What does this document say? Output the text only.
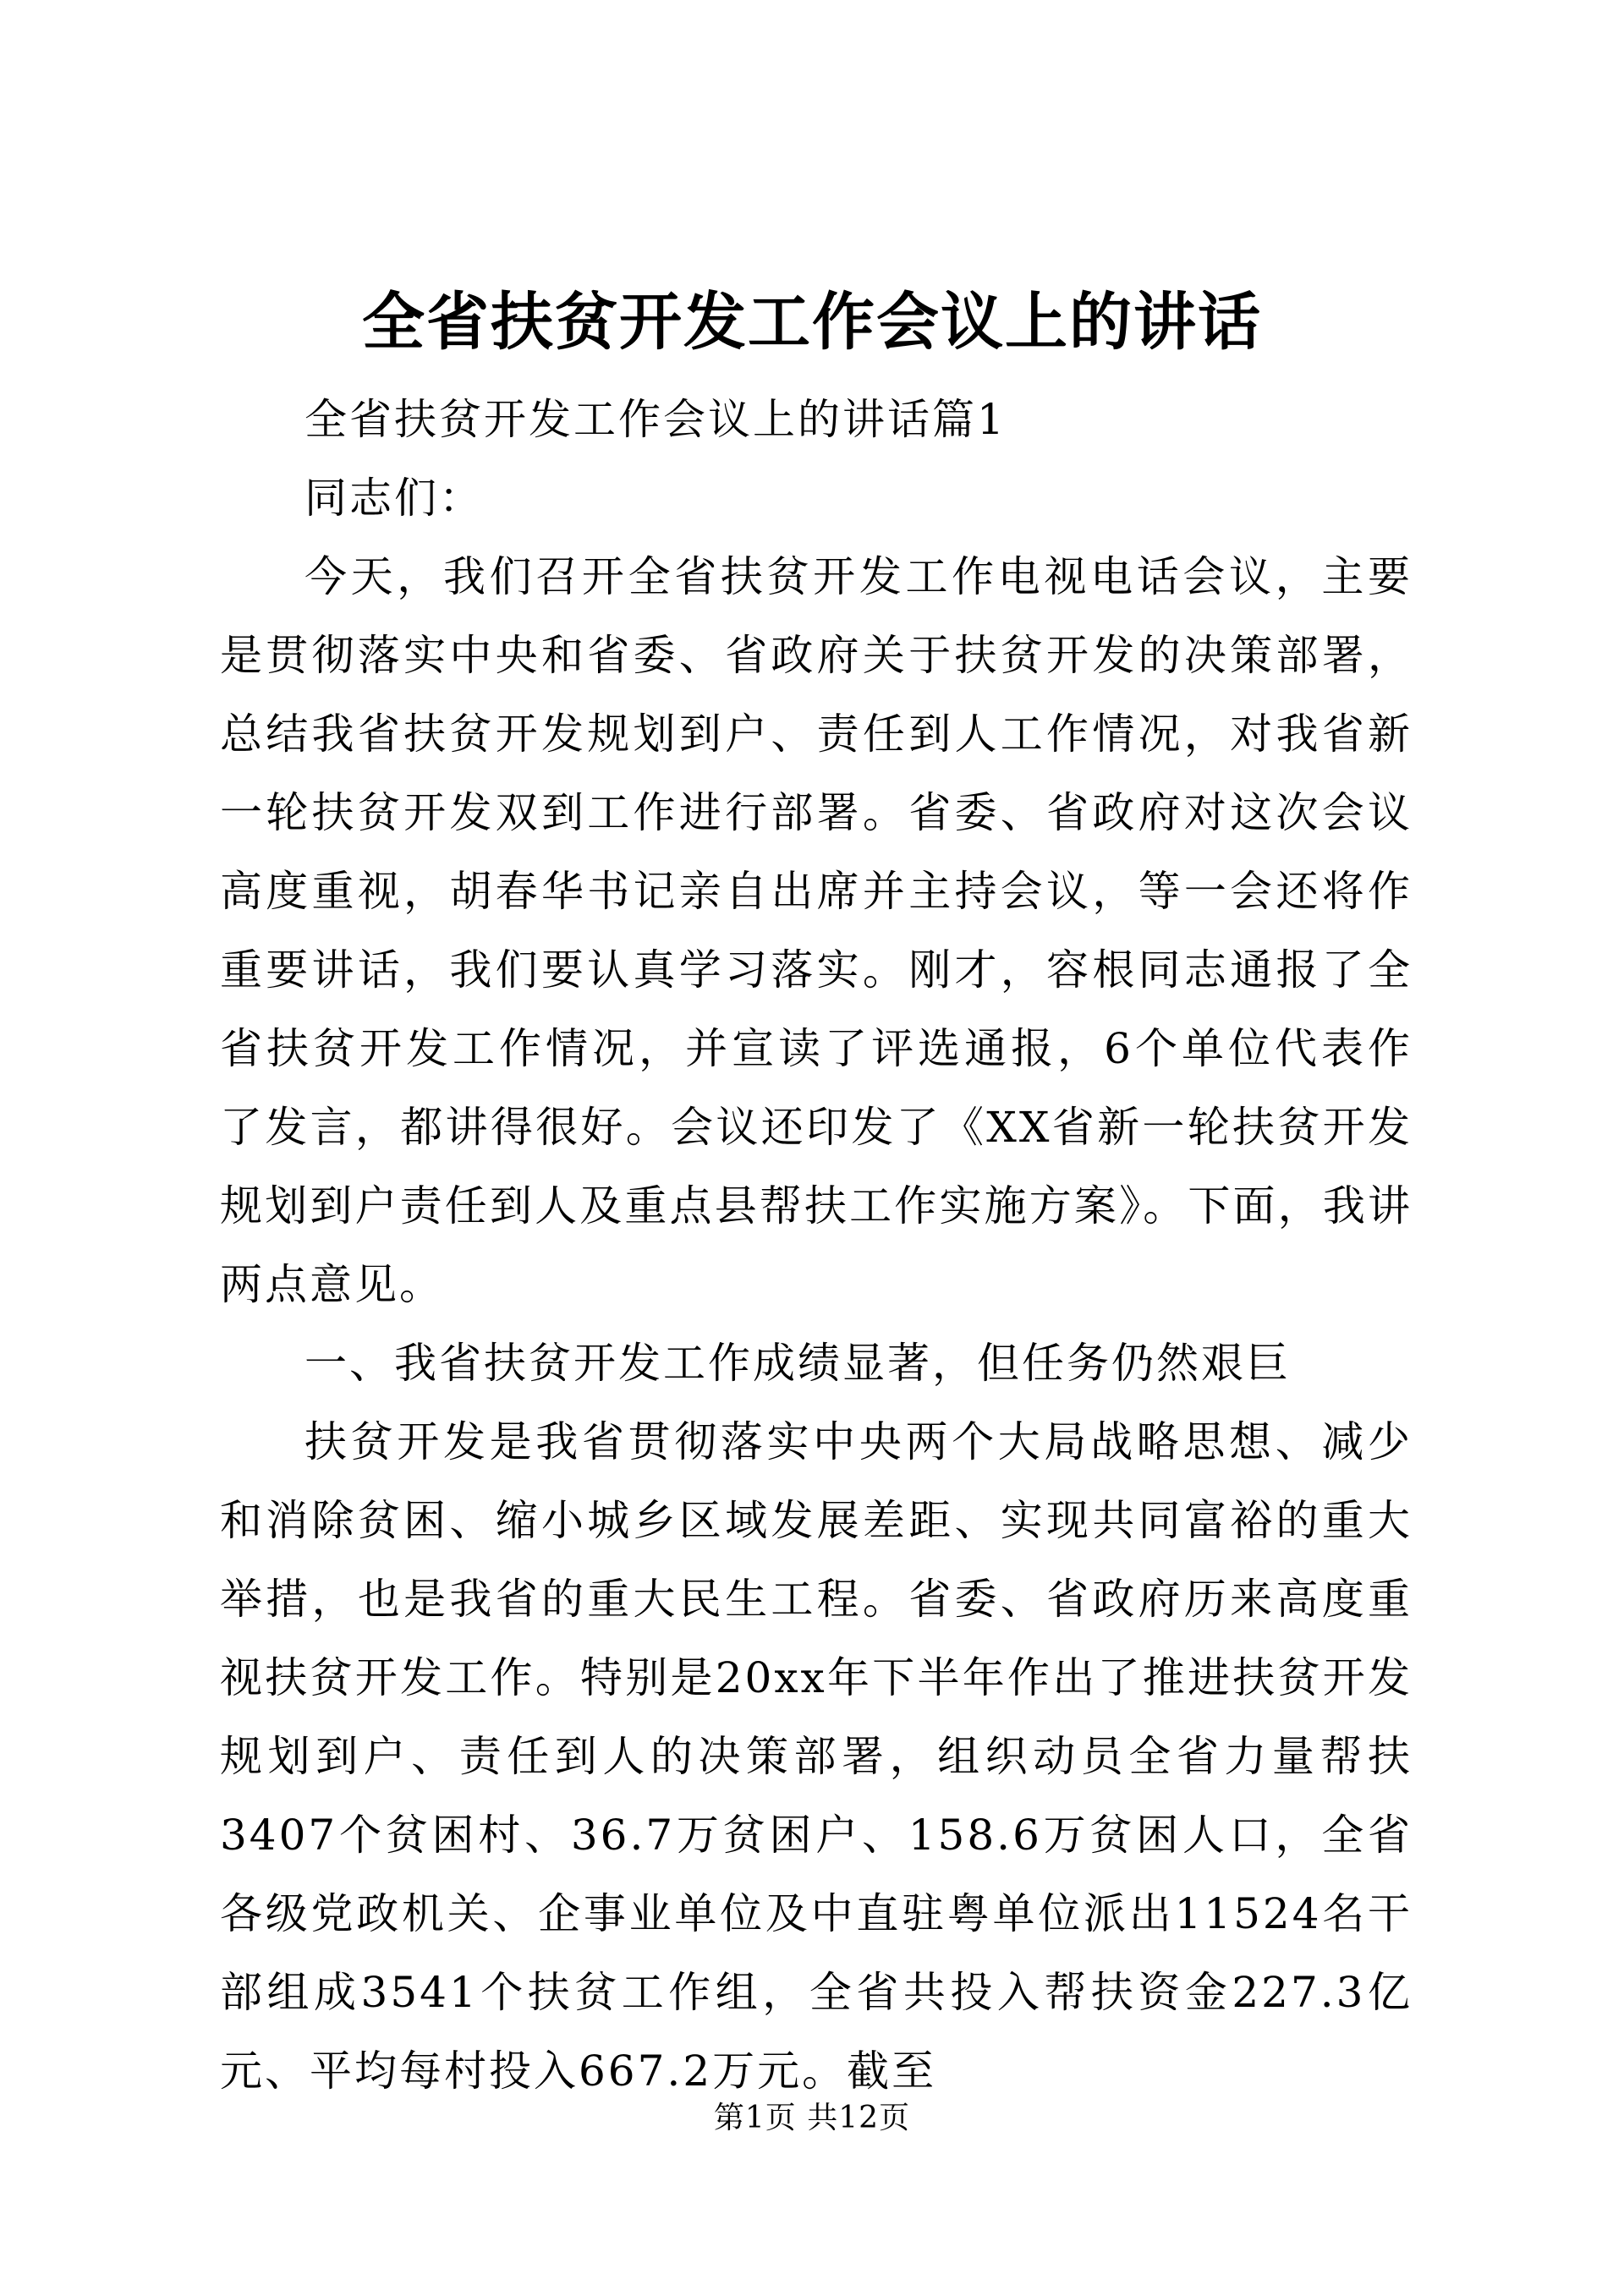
全省扶贫开发工作会议上的讲话

全省扶贫开发工作会议上的讲话篇1

同志们：

今天，我们召开全省扶贫开发工作电视电话会议，主要是贯彻落实中央和省委、省政府关于扶贫开发的决策部署，总结我省扶贫开发规划到户、责任到人工作情况，对我省新一轮扶贫开发双到工作进行部署。省委、省政府对这次会议高度重视，胡春华书记亲自出席并主持会议，等一会还将作重要讲话，我们要认真学习落实。刚才，容根同志通报了全省扶贫开发工作情况，并宣读了评选通报，6个单位代表作了发言，都讲得很好。会议还印发了《XX省新一轮扶贫开发规划到户责任到人及重点县帮扶工作实施方案》。下面，我讲两点意见。

一、我省扶贫开发工作成绩显著，但任务仍然艰巨

扶贫开发是我省贯彻落实中央两个大局战略思想、减少和消除贫困、缩小城乡区域发展差距、实现共同富裕的重大举措，也是我省的重大民生工程。省委、省政府历来高度重视扶贫开发工作。特别是20xx年下半年作出了推进扶贫开发规划到户、责任到人的决策部署，组织动员全省力量帮扶3407个贫困村、36.7万贫困户、158.6万贫困人口，全省各级党政机关、企事业单位及中直驻粤单位派出11524名干部组成3541个扶贫工作组，全省共投入帮扶资金227.3亿元、平均每村投入667.2万元。截至

第1页 共12页
